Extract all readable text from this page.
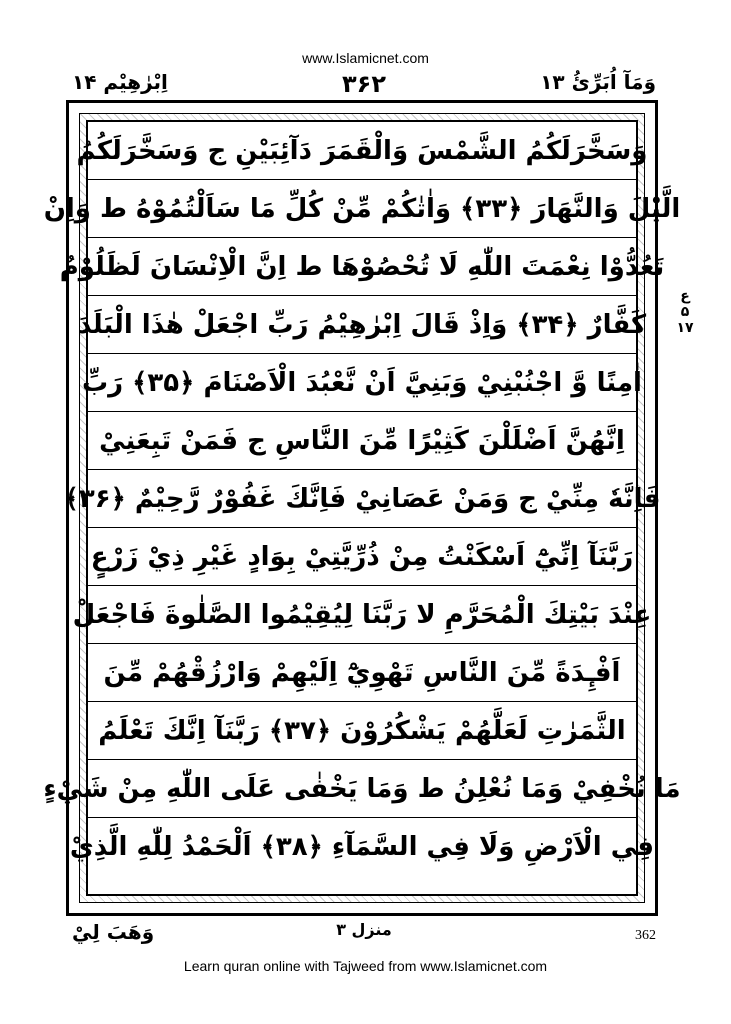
www.Islamicnet.com
وَمَآ اُبَرِّئُ ۱۳
۳۶۲
اِبْرٰهِيْم ۱۴
وَسَخَّرَلَكُمُ الشَّمْسَ وَالْقَمَرَ دَآئِبَيْنِ ج وَسَخَّرَلَكُمُ
الَّيْلَ وَالنَّهَارَ ﴿۳۳﴾ وَاٰتٰكُمْ مِّنْ كُلِّ مَا سَاَلْتُمُوْهُ ط وَاِنْ
تَعُدُّوْا نِعْمَتَ اللّٰهِ لَا تُحْصُوْهَا ط اِنَّ الْاِنْسَانَ لَظَلُوْمٌ
كَفَّارٌ ﴿۳۴﴾ وَاِذْ قَالَ اِبْرٰهِيْمُ رَبِّ اجْعَلْ هٰذَا الْبَلَدَ
اٰمِنًا وَّ اجْنُبْنِيْ وَبَنِيَّ اَنْ نَّعْبُدَ الْاَصْنَامَ ﴿۳۵﴾ رَبِّ
اِنَّهُنَّ اَضْلَلْنَ كَثِيْرًا مِّنَ النَّاسِ ج فَمَنْ تَبِعَنِيْ
فَاِنَّهٗ مِنِّيْ ج وَمَنْ عَصَانِيْ فَاِنَّكَ غَفُوْرٌ رَّحِيْمٌ ﴿۳۶﴾
رَبَّنَآ اِنِّيْٓ اَسْكَنْتُ مِنْ ذُرِّيَّتِيْ بِوَادٍ غَيْرِ ذِيْ زَرْعٍ
عِنْدَ بَيْتِكَ الْمُحَرَّمِ لا رَبَّنَا لِيُقِيْمُوا الصَّلٰوةَ فَاجْعَلْ
اَفْـِٕدَةً مِّنَ النَّاسِ تَهْوِيْٓ اِلَيْهِمْ وَارْزُقْهُمْ مِّنَ
الثَّمَرٰتِ لَعَلَّهُمْ يَشْكُرُوْنَ ﴿۳۷﴾ رَبَّنَآ اِنَّكَ تَعْلَمُ
مَا نُخْفِيْ وَمَا نُعْلِنُ ط وَمَا يَخْفٰى عَلَى اللّٰهِ مِنْ شَيْءٍ
فِي الْاَرْضِ وَلَا فِي السَّمَآءِ ﴿۳۸﴾ اَلْحَمْدُ لِلّٰهِ الَّذِيْ
ع
۵
۱۷
وَهَبَ لِيْ	منزل ۳	362
Learn quran online with Tajweed from www.Islamicnet.com
